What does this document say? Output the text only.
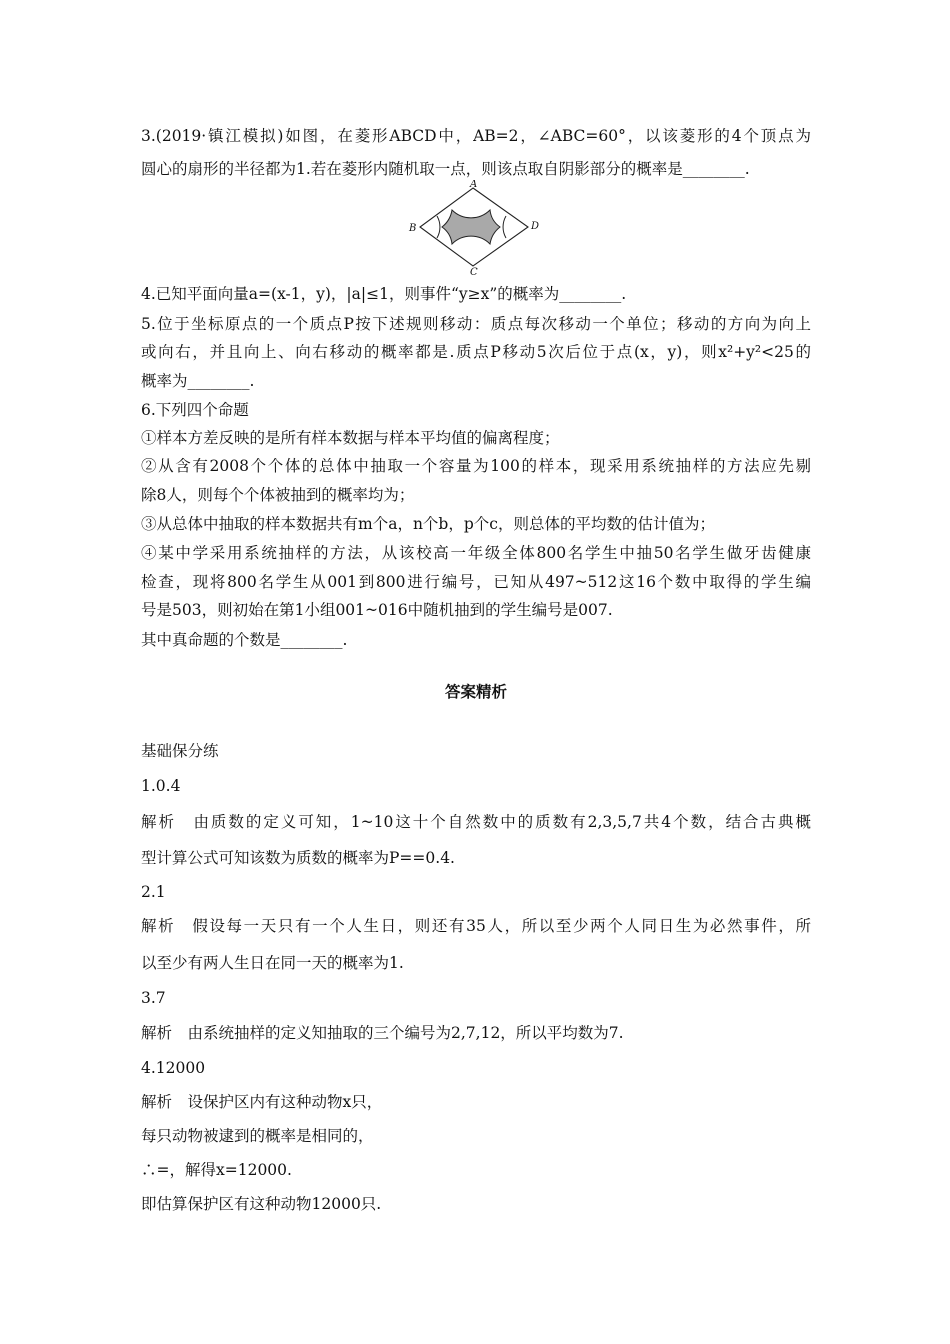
3.(2019·镇江模拟)如图，在菱形ABCD中，AB=2，∠ABC=60°，以该菱形的4个顶点为
圆心的扇形的半径都为1.若在菱形内随机取一点，则该点取自阴影部分的概率是________.
A
B
C
D
4.已知平面向量a=(x-1，y)，|a|≤1，则事件“y≥x”的概率为________.
5.位于坐标原点的一个质点P按下述规则移动：质点每次移动一个单位；移动的方向为向上
或向右，并且向上、向右移动的概率都是.质点P移动5次后位于点(x，y)，则x²+y²<25的
概率为________.
6.下列四个命题
①样本方差反映的是所有样本数据与样本平均值的偏离程度；
②从含有2008个个体的总体中抽取一个容量为100的样本，现采用系统抽样的方法应先剔
除8人，则每个个体被抽到的概率均为；
③从总体中抽取的样本数据共有m个a，n个b，p个c，则总体的平均数的估计值为；
④某中学采用系统抽样的方法，从该校高一年级全体800名学生中抽50名学生做牙齿健康
检查，现将800名学生从001到800进行编号，已知从497~512这16个数中取得的学生编
号是503，则初始在第1小组001~016中随机抽到的学生编号是007.
其中真命题的个数是________.
答案精析
基础保分练
1.0.4
解析　由质数的定义可知，1~10这十个自然数中的质数有2,3,5,7共4个数，结合古典概
型计算公式可知该数为质数的概率为P==0.4.
2.1
解析　假设每一天只有一个人生日，则还有35人，所以至少两个人同日生为必然事件，所
以至少有两人生日在同一天的概率为1.
3.7
解析　由系统抽样的定义知抽取的三个编号为2,7,12，所以平均数为7.
4.12000
解析　设保护区内有这种动物x只，
每只动物被逮到的概率是相同的，
∴=，解得x=12000.
即估算保护区有这种动物12000只.
